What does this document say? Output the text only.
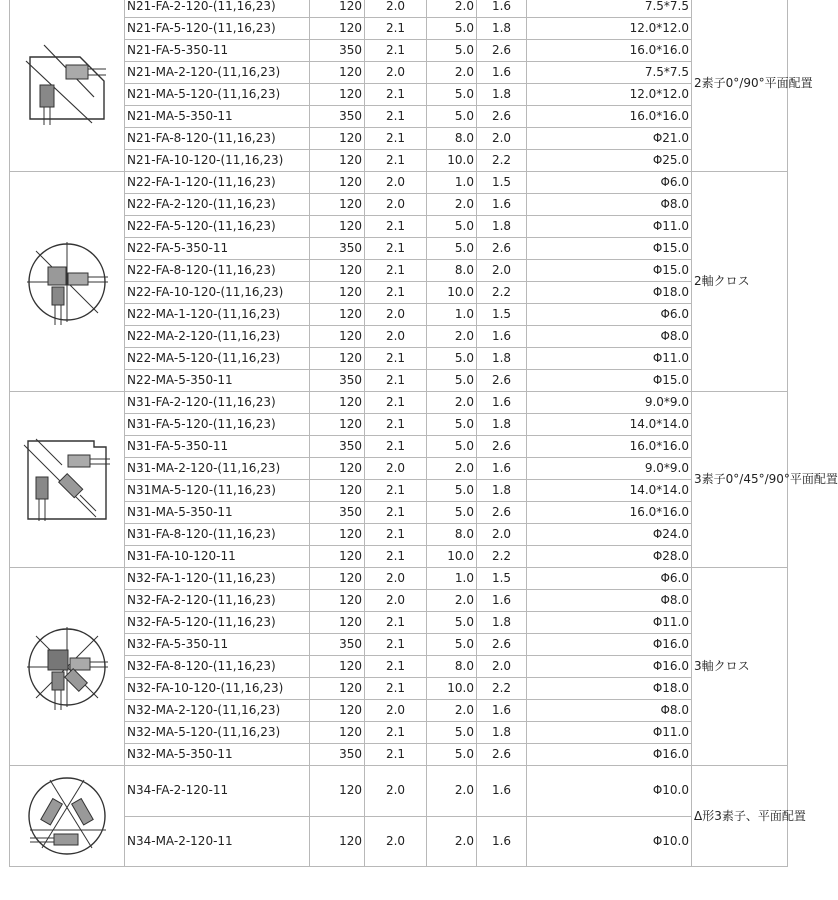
	N21-FA-2-120-(11,16,23)	120	2.0	2.0	1.6	7.5*7.5	2素子0°/90°平面配置
	N21-FA-5-120-(11,16,23)	120	2.1	5.0	1.8	12.0*12.0	
	N21-FA-5-350-11	350	2.1	5.0	2.6	16.0*16.0	
	N21-MA-2-120-(11,16,23)	120	2.0	2.0	1.6	7.5*7.5	
	N21-MA-5-120-(11,16,23)	120	2.1	5.0	1.8	12.0*12.0	
	N21-MA-5-350-11	350	2.1	5.0	2.6	16.0*16.0	
	N21-FA-8-120-(11,16,23)	120	2.1	8.0	2.0	Φ21.0	
	N21-FA-10-120-(11,16,23)	120	2.1	10.0	2.2	Φ25.0	

	N22-FA-1-120-(11,16,23)	120	2.0	1.0	1.5	Φ6.0	2軸クロス
	N22-FA-2-120-(11,16,23)	120	2.0	2.0	1.6	Φ8.0	
	N22-FA-5-120-(11,16,23)	120	2.1	5.0	1.8	Φ11.0	
	N22-FA-5-350-11	350	2.1	5.0	2.6	Φ15.0	
	N22-FA-8-120-(11,16,23)	120	2.1	8.0	2.0	Φ15.0	
	N22-FA-10-120-(11,16,23)	120	2.1	10.0	2.2	Φ18.0	
	N22-MA-1-120-(11,16,23)	120	2.0	1.0	1.5	Φ6.0	
	N22-MA-2-120-(11,16,23)	120	2.0	2.0	1.6	Φ8.0	
	N22-MA-5-120-(11,16,23)	120	2.1	5.0	1.8	Φ11.0	
	N22-MA-5-350-11	350	2.1	5.0	2.6	Φ15.0	

	N31-FA-2-120-(11,16,23)	120	2.1	2.0	1.6	9.0*9.0	3素子0°/45°/90°平面配置
	N31-FA-5-120-(11,16,23)	120	2.1	5.0	1.8	14.0*14.0	
	N31-FA-5-350-11	350	2.1	5.0	2.6	16.0*16.0	
	N31-MA-2-120-(11,16,23)	120	2.0	2.0	1.6	9.0*9.0	
	N31MA-5-120-(11,16,23)	120	2.1	5.0	1.8	14.0*14.0	
	N31-MA-5-350-11	350	2.1	5.0	2.6	16.0*16.0	
	N31-FA-8-120-(11,16,23)	120	2.1	8.0	2.0	Φ24.0	
	N31-FA-10-120-11	120	2.1	10.0	2.2	Φ28.0	

	N32-FA-1-120-(11,16,23)	120	2.0	1.0	1.5	Φ6.0	3軸クロス
	N32-FA-2-120-(11,16,23)	120	2.0	2.0	1.6	Φ8.0	
	N32-FA-5-120-(11,16,23)	120	2.1	5.0	1.8	Φ11.0	
	N32-FA-5-350-11	350	2.1	5.0	2.6	Φ16.0	
	N32-FA-8-120-(11,16,23)	120	2.1	8.0	2.0	Φ16.0	
	N32-FA-10-120-(11,16,23)	120	2.1	10.0	2.2	Φ18.0	
	N32-MA-2-120-(11,16,23)	120	2.0	2.0	1.6	Φ8.0	
	N32-MA-5-120-(11,16,23)	120	2.1	5.0	1.8	Φ11.0	
	N32-MA-5-350-11	350	2.1	5.0	2.6	Φ16.0	

	N34-FA-2-120-11	120	2.0	2.0	1.6	Φ10.0	Δ形3素子、平面配置
	N34-MA-2-120-11	120	2.0	2.0	1.6	Φ10.0	
